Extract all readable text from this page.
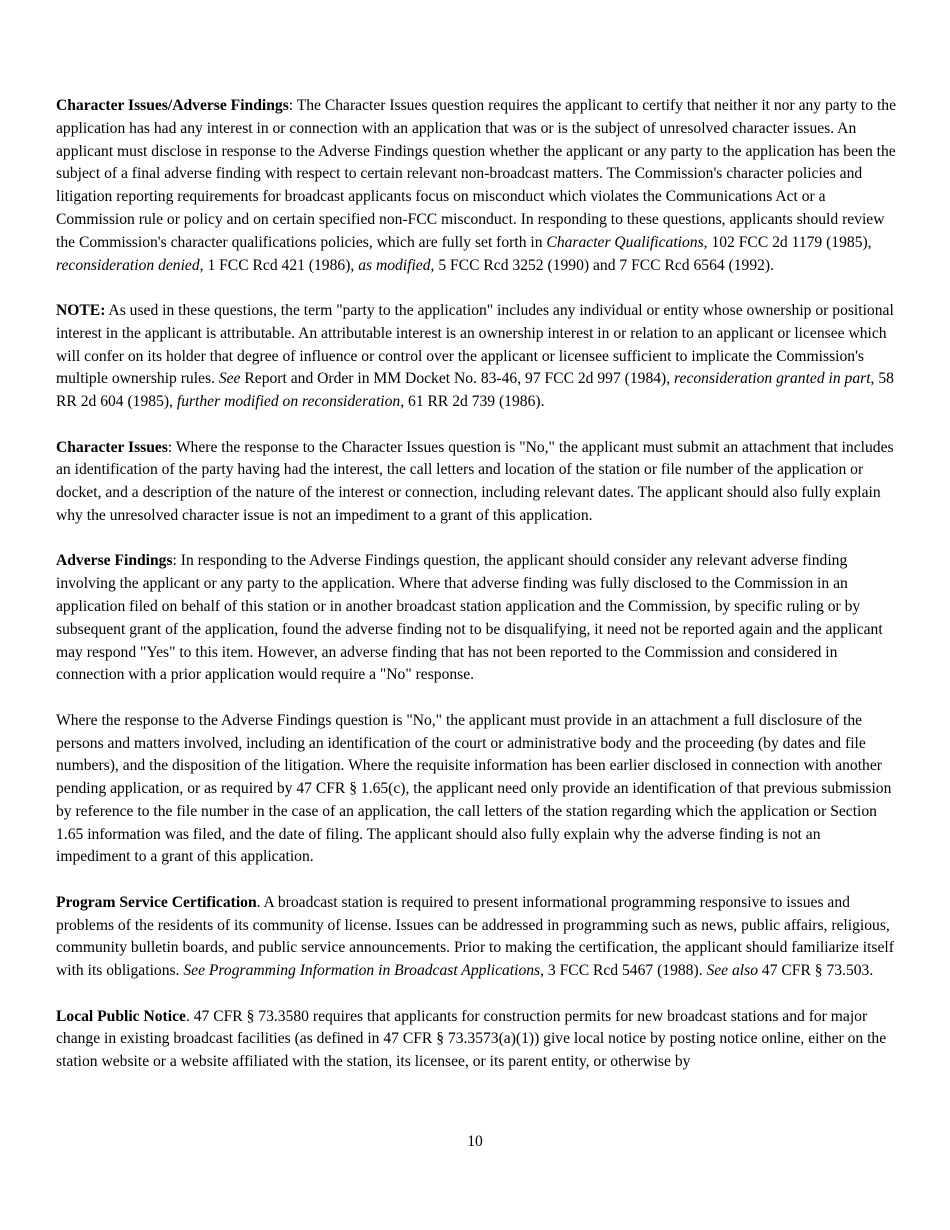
Character Issues/Adverse Findings: The Character Issues question requires the applicant to certify that neither it nor any party to the application has had any interest in or connection with an application that was or is the subject of unresolved character issues. An applicant must disclose in response to the Adverse Findings question whether the applicant or any party to the application has been the subject of a final adverse finding with respect to certain relevant non-broadcast matters. The Commission's character policies and litigation reporting requirements for broadcast applicants focus on misconduct which violates the Communications Act or a Commission rule or policy and on certain specified non-FCC misconduct. In responding to these questions, applicants should review the Commission's character qualifications policies, which are fully set forth in Character Qualifications, 102 FCC 2d 1179 (1985), reconsideration denied, 1 FCC Rcd 421 (1986), as modified, 5 FCC Rcd 3252 (1990) and 7 FCC Rcd 6564 (1992).

NOTE: As used in these questions, the term "party to the application" includes any individual or entity whose ownership or positional interest in the applicant is attributable. An attributable interest is an ownership interest in or relation to an applicant or licensee which will confer on its holder that degree of influence or control over the applicant or licensee sufficient to implicate the Commission's multiple ownership rules. See Report and Order in MM Docket No. 83-46, 97 FCC 2d 997 (1984), reconsideration granted in part, 58 RR 2d 604 (1985), further modified on reconsideration, 61 RR 2d 739 (1986).

Character Issues: Where the response to the Character Issues question is "No," the applicant must submit an attachment that includes an identification of the party having had the interest, the call letters and location of the station or file number of the application or docket, and a description of the nature of the interest or connection, including relevant dates. The applicant should also fully explain why the unresolved character issue is not an impediment to a grant of this application.

Adverse Findings: In responding to the Adverse Findings question, the applicant should consider any relevant adverse finding involving the applicant or any party to the application. Where that adverse finding was fully disclosed to the Commission in an application filed on behalf of this station or in another broadcast station application and the Commission, by specific ruling or by subsequent grant of the application, found the adverse finding not to be disqualifying, it need not be reported again and the applicant may respond "Yes" to this item. However, an adverse finding that has not been reported to the Commission and considered in connection with a prior application would require a "No" response.

Where the response to the Adverse Findings question is "No," the applicant must provide in an attachment a full disclosure of the persons and matters involved, including an identification of the court or administrative body and the proceeding (by dates and file numbers), and the disposition of the litigation. Where the requisite information has been earlier disclosed in connection with another pending application, or as required by 47 CFR § 1.65(c), the applicant need only provide an identification of that previous submission by reference to the file number in the case of an application, the call letters of the station regarding which the application or Section 1.65 information was filed, and the date of filing. The applicant should also fully explain why the adverse finding is not an impediment to a grant of this application.

Program Service Certification. A broadcast station is required to present informational programming responsive to issues and problems of the residents of its community of license. Issues can be addressed in programming such as news, public affairs, religious, community bulletin boards, and public service announcements. Prior to making the certification, the applicant should familiarize itself with its obligations. See Programming Information in Broadcast Applications, 3 FCC Rcd 5467 (1988). See also 47 CFR § 73.503.

Local Public Notice. 47 CFR § 73.3580 requires that applicants for construction permits for new broadcast stations and for major change in existing broadcast facilities (as defined in 47 CFR § 73.3573(a)(1)) give local notice by posting notice online, either on the station website or a website affiliated with the station, its licensee, or its parent entity, or otherwise by

10
